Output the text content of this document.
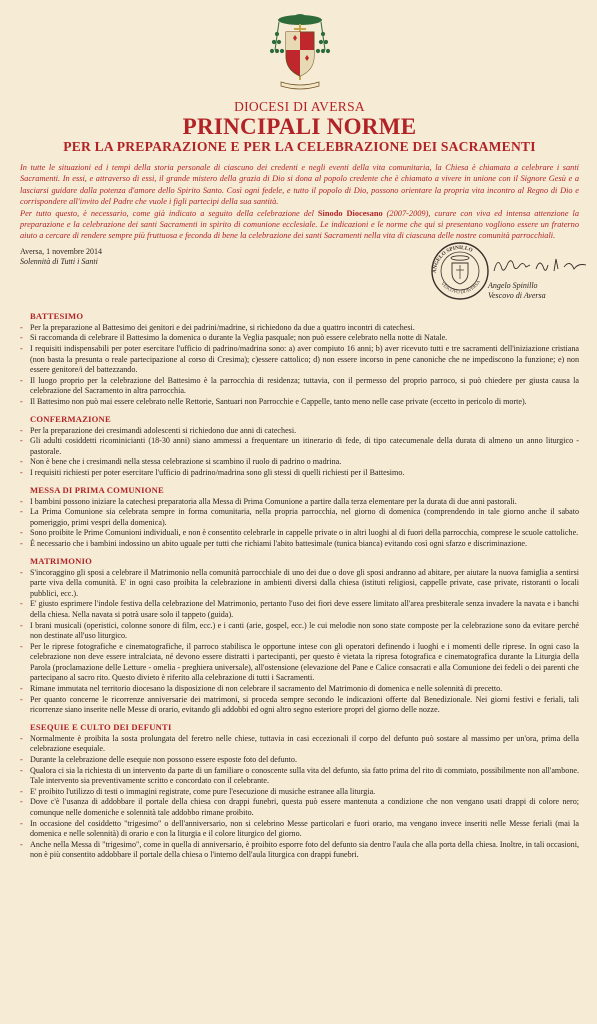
DIOCESI DI AVERSA
PRINCIPALI NORME
PER LA PREPARAZIONE E PER LA CELEBRAZIONE DEI SACRAMENTI

In tutte le situazioni ed i tempi della storia personale di ciascuno dei credenti e negli eventi della vita comunitaria, la Chiesa è chiamata a celebrare i santi Sacramenti. In essi, e attraverso di essi, il grande mistero della grazia di Dio si dona al popolo credente che è chiamato a vivere in unione con il Signore Gesù e a lasciarsi guidare dalla potenza d'amore dello Spirito Santo. Così ogni fedele, e tutto il popolo di Dio, possono orientare la propria vita incontro al Regno di Dio e corrispondere all'invito del Padre che vuole i figli partecipi della sua santità.

Per tutto questo, è necessario, come già indicato a seguito della celebrazione del Sinodo Diocesano (2007-2009), curare con viva ed intensa attenzione la preparazione e la celebrazione dei santi Sacramenti in spirito di comunione ecclesiale. Le indicazioni e le norme che qui si presentano vogliono essere un fraterno aiuto a cercare di rendere sempre più fruttuosa e feconda di bene la celebrazione dei santi Sacramenti nella vita di ciascuna delle nostre comunità parrocchiali.

Aversa, 1 novembre 2014
Solennità di Tutti i Santi
ANGELO SPINILLO
VESCOVO DI AVERSA Angelo Spinillo
Vescovo di Aversa
BATTESIMO
- Per la preparazione al Battesimo dei genitori e dei padrini/madrine, si richiedono da due a quattro incontri di catechesi.
- Si raccomanda di celebrare il Battesimo la domenica o durante la Veglia pasquale; non può essere celebrato nella notte di Natale.
- I requisiti indispensabili per poter esercitare l'ufficio di padrino/madrina sono: a) aver compiuto 16 anni; b) aver ricevuto tutti e tre sacramenti dell'iniziazione cristiana (non basta la presunta o reale partecipazione al corso di Cresima); c)essere cattolico; d) non essere incorso in pene canoniche che ne impediscono la funzione; e) non essere genitore/i del battezzando.
- Il luogo proprio per la celebrazione del Battesimo è la parrocchia di residenza; tuttavia, con il permesso del proprio parroco, si può chiedere per giusta causa la celebrazione del Sacramento in altra parrocchia.
- Il Battesimo non può mai essere celebrato nelle Rettorie, Santuari non Parrocchie e Cappelle, tanto meno nelle case private (eccetto in pericolo di morte).
CONFERMAZIONE
- Per la preparazione dei cresimandi adolescenti si richiedono due anni di catechesi.
- Gli adulti cosiddetti ricominicianti (18-30 anni) siano ammessi a frequentare un itinerario di fede, di tipo catecumenale della durata di almeno un anno liturgico - pastorale.
- Non è bene che i cresimandi nella stessa celebrazione si scambino il ruolo di padrino o madrina.
- I requisiti richiesti per poter esercitare l'ufficio di padrino/madrina sono gli stessi di quelli richiesti per il Battesimo.
MESSA DI PRIMA COMUNIONE
- I bambini possono iniziare la catechesi preparatoria alla Messa di Prima Comunione a partire dalla terza elementare per la durata di due anni pastorali.
- La Prima Comunione sia celebrata sempre in forma comunitaria, nella propria parrocchia, nel giorno di domenica (comprendendo in tale giorno anche il sabato pomeriggio, primi vespri della domenica).
- Sono proibite le Prime Comunioni individuali, e non è consentito celebrarle in cappelle private o in altri luoghi al di fuori della parrocchia, comprese le scuole cattoliche.
- È necessario che i bambini indossino un abito uguale per tutti che richiami l'abito battesimale (tunica bianca) evitando così ogni sfarzo e discriminazione.
MATRIMONIO
- S'incoraggino gli sposi a celebrare il Matrimonio nella comunità parrocchiale di uno dei due o dove gli sposi andranno ad abitare, per aiutare la nuova famiglia a sentirsi parte viva della comunità. E' in ogni caso proibita la celebrazione in ambienti diversi dalla chiesa (istituti religiosi, cappelle private, case private, ristoranti o locali pubblici, ecc.).
- E' giusto esprimere l'indole festiva della celebrazione del Matrimonio, pertanto l'uso dei fiori deve essere limitato all'area presbiterale senza invadere la navata e i banchi della chiesa. Nella navata si potrà usare solo il tappeto (guida).
- I brani musicali (operistici, colonne sonore di film, ecc.) e i canti (arie, gospel, ecc.) le cui melodie non sono state composte per la celebrazione sono da evitare perché non destinate all'uso liturgico.
- Per le riprese fotografiche e cinematografiche, il parroco stabilisca le opportune intese con gli operatori definendo i luoghi e i momenti delle riprese. In ogni caso la celebrazione non deve essere intralciata, né devono essere distratti i partecipanti, per questo è vietata la ripresa fotografica e cinematografica durante la Liturgia della Parola (proclamazione delle Letture - omelia - preghiera universale), all'ostensione (elevazione del Pane e Calice consacrati e alla Comunione dei fedeli o dei parenti che partecipano al sacro rito. Questo divieto è riferito alla celebrazione di tutti i Sacramenti.
- Rimane immutata nel territorio diocesano la disposizione di non celebrare il sacramento del Matrimonio di domenica e nelle solennità di precetto.
- Per quanto concerne le ricorrenze anniversarie dei matrimoni, si proceda sempre secondo le indicazioni offerte dal Benedizionale. Nei giorni festivi e feriali, tali ricorrenze siano inserite nelle Messe di orario, evitando gli addobbi ed ogni altro segno esteriore propri del giorno delle nozze.
ESEQUIE E CULTO DEI DEFUNTI
- Normalmente è proibita la sosta prolungata del feretro nelle chiese, tuttavia in casi eccezionali il corpo del defunto può sostare al massimo per un'ora, prima della celebrazione esequiale.
- Durante la celebrazione delle esequie non possono essere esposte foto del defunto.
- Qualora ci sia la richiesta di un intervento da parte di un familiare o conoscente sulla vita del defunto, sia fatto prima del rito di commiato, possibilmente non all'ambone. Tale intervento sia preventivamente scritto e concordato con il celebrante.
- E' proibito l'utilizzo di testi o immagini registrate, come pure l'esecuzione di musiche estranee alla liturgia.
- Dove c'è l'usanza di addobbare il portale della chiesa con drappi funebri, questa può essere mantenuta a condizione che non vengano usati drappi di colore nero; comunque nelle domeniche e solennità tale addobbo rimane proibito.
- In occasione del cosiddetto "trigesimo" o dell'anniversario, non si celebrino Messe particolari e fuori orario, ma vengano invece inseriti nelle Messe feriali (mai la domenica e nelle solennità) di orario e con la liturgia e il colore liturgico del giorno.
- Anche nella Messa di "trigesimo", come in quella di anniversario, è proibito esporre foto del defunto sia dentro l'aula che alla porta della chiesa. Inoltre, in tali occasioni, non è più consentito addobbare il portale della chiesa o l'interno dell'aula liturgica con drappi funebri.
